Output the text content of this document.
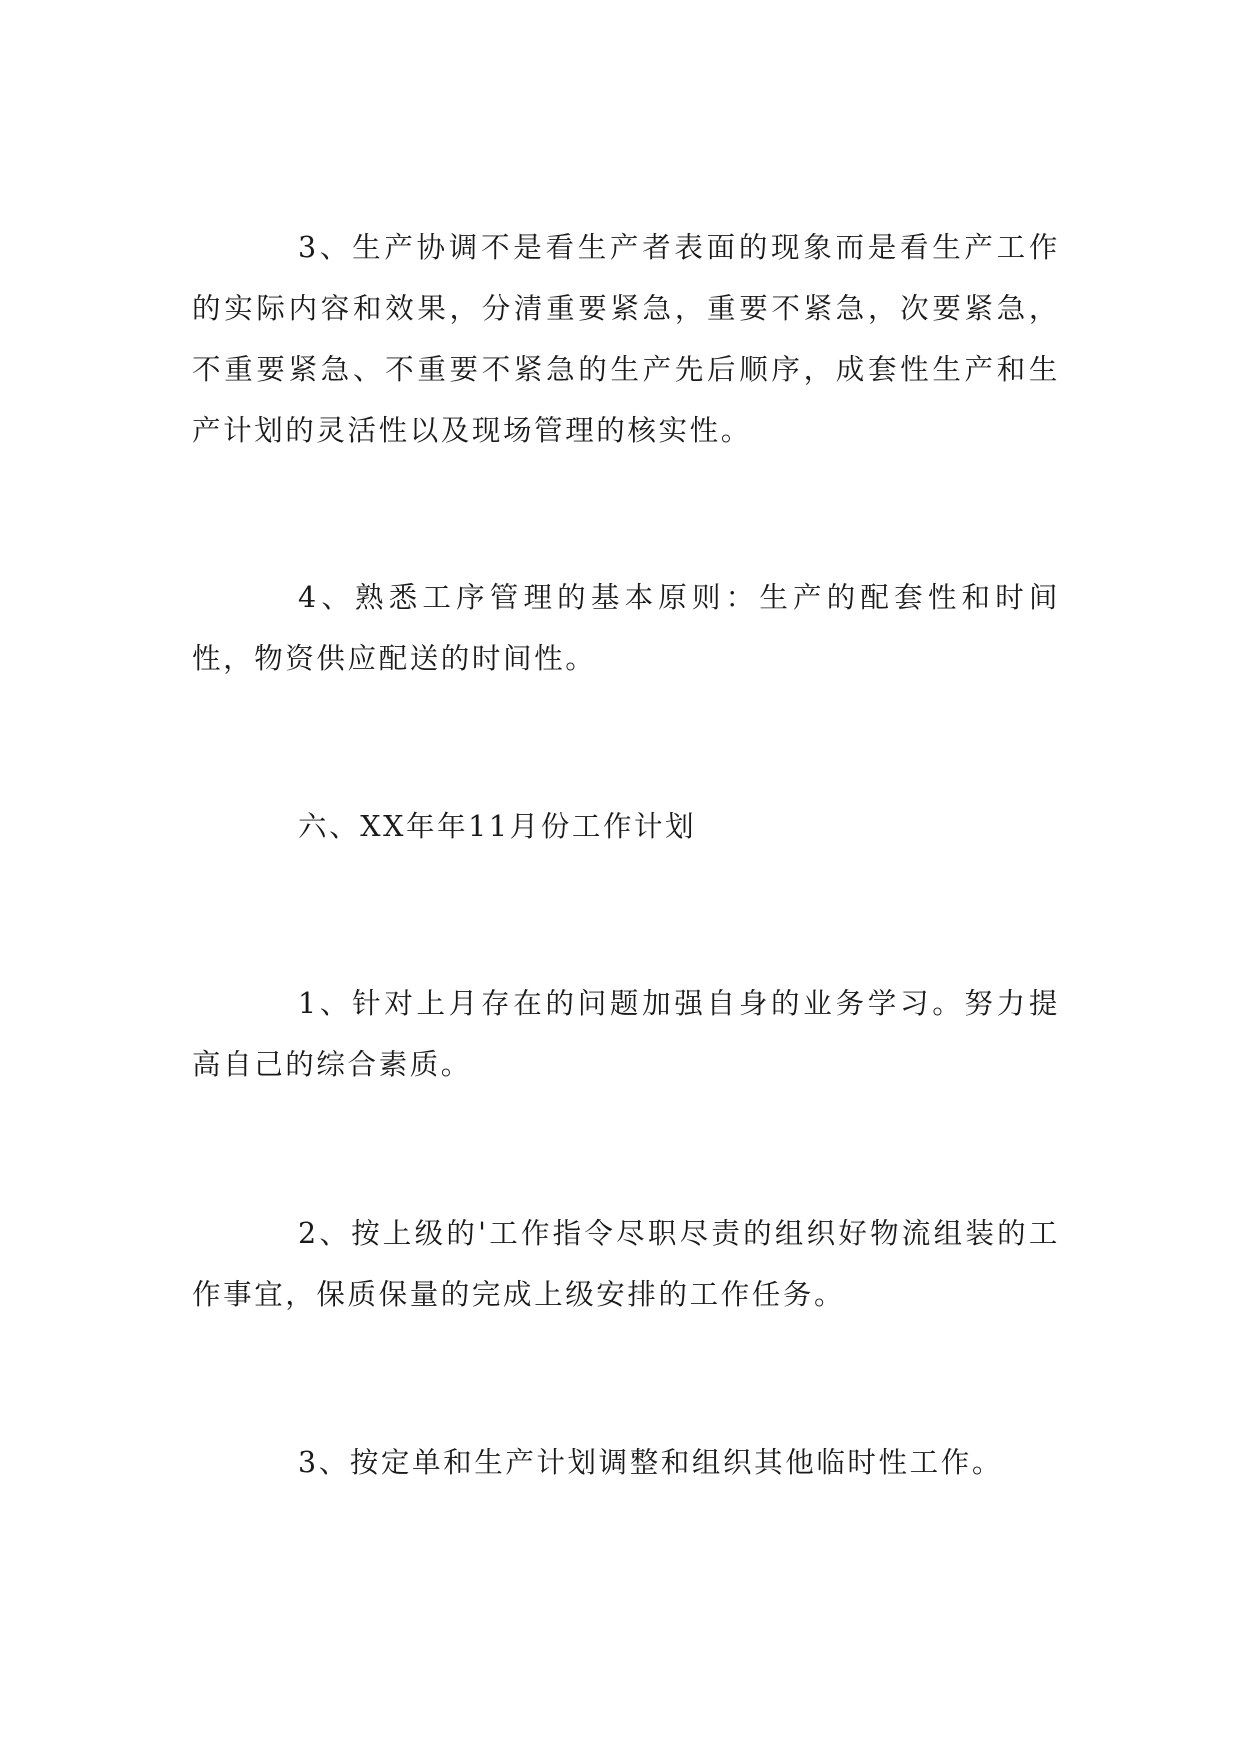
3、生产协调不是看生产者表面的现象而是看生产工作的实际内容和效果，分清重要紧急，重要不紧急，次要紧急，不重要紧急、不重要不紧急的生产先后顺序，成套性生产和生产计划的灵活性以及现场管理的核实性。

4、熟悉工序管理的基本原则：生产的配套性和时间性，物资供应配送的时间性。

六、XX年年11月份工作计划

1、针对上月存在的问题加强自身的业务学习。努力提高自己的综合素质。

2、按上级的'工作指令尽职尽责的组织好物流组装的工作事宜，保质保量的完成上级安排的工作任务。

3、按定单和生产计划调整和组织其他临时性工作。
